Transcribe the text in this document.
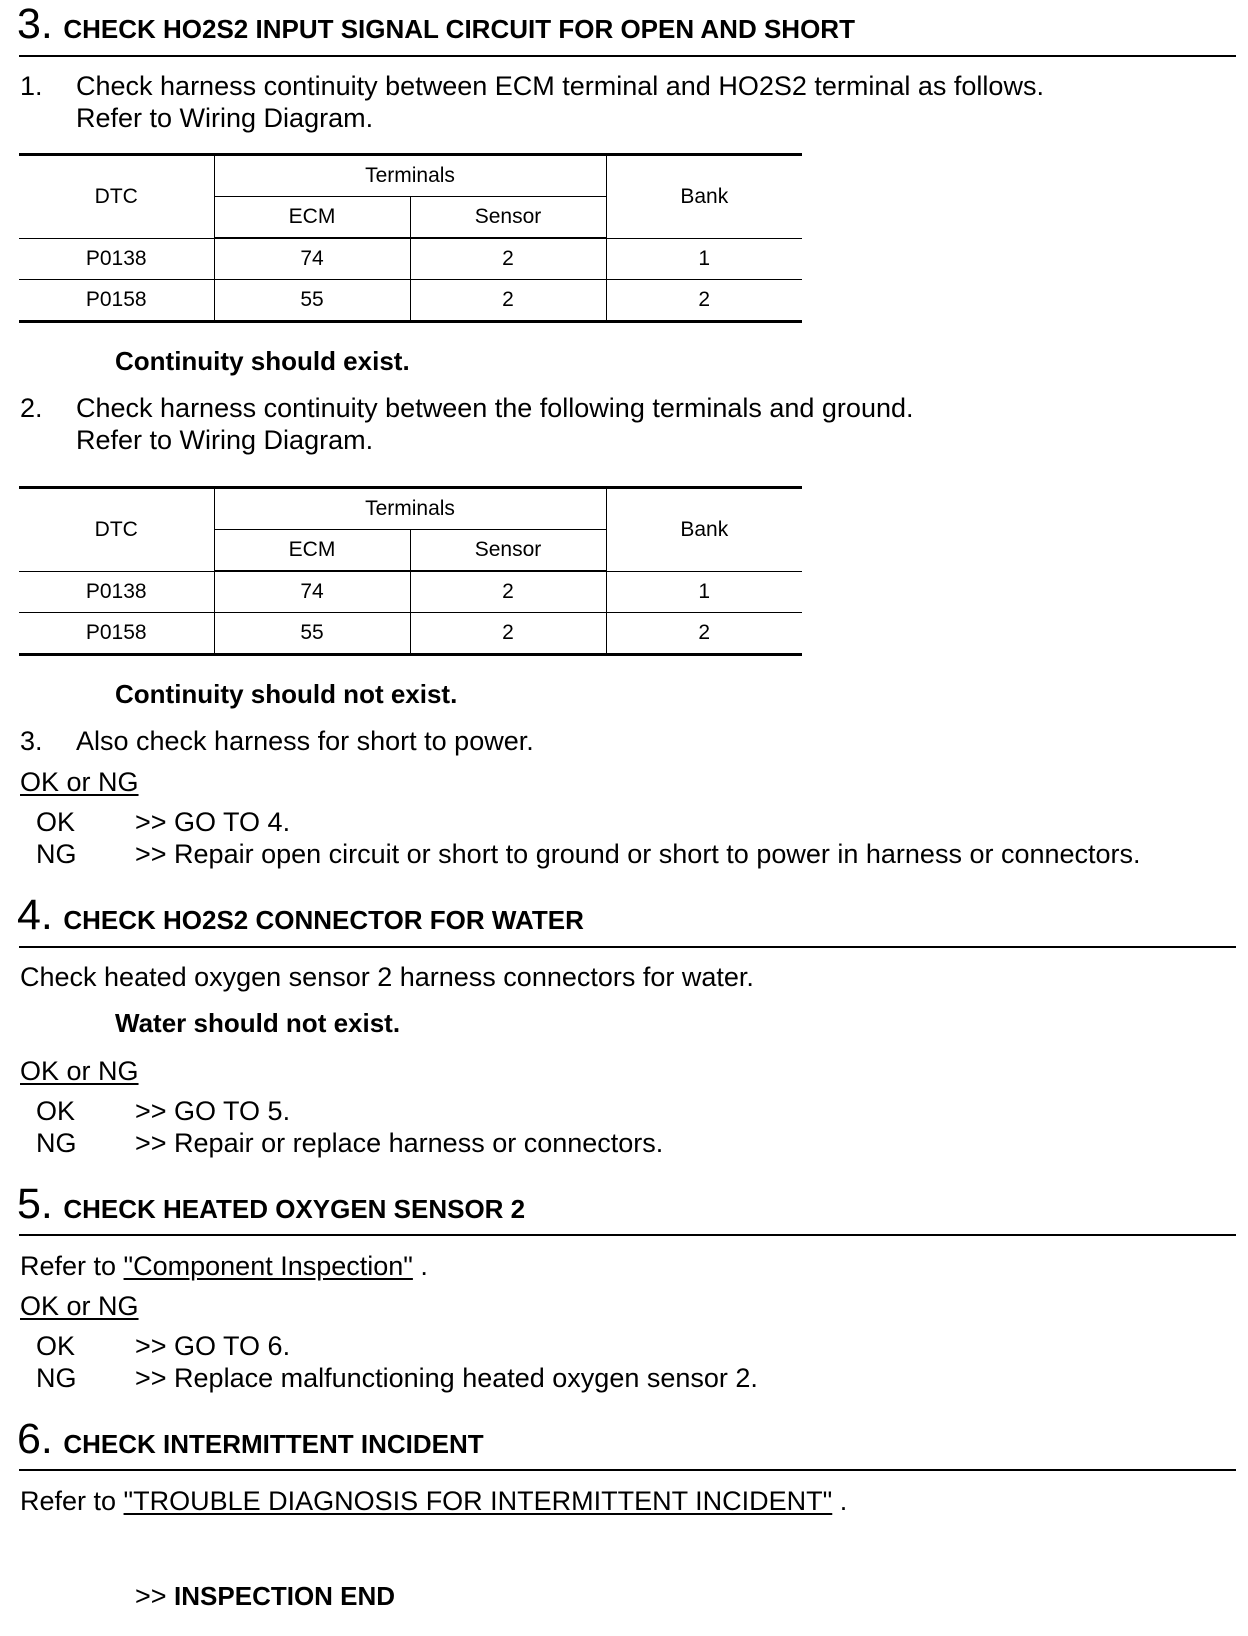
3. CHECK HO2S2 INPUT SIGNAL CIRCUIT FOR OPEN AND SHORT
1. Check harness continuity between ECM terminal and HO2S2 terminal as follows.
Refer to Wiring Diagram.
DTC	Terminals		Bank
	ECM	Sensor	
P0138	74	2	1
P0158	55	2	2
Continuity should exist.
2. Check harness continuity between the following terminals and ground.
Refer to Wiring Diagram.
DTC	Terminals		Bank
	ECM	Sensor	
P0138	74	2	1
P0158	55	2	2
Continuity should not exist.
3. Also check harness for short to power.
OK or NG
OK >> GO TO 4.
NG >> Repair open circuit or short to ground or short to power in harness or connectors.
4. CHECK HO2S2 CONNECTOR FOR WATER
Check heated oxygen sensor 2 harness connectors for water.
Water should not exist.
OK or NG
OK >> GO TO 5.
NG >> Repair or replace harness or connectors.
5. CHECK HEATED OXYGEN SENSOR 2
Refer to "Component Inspection" .
OK or NG
OK >> GO TO 6.
NG >> Replace malfunctioning heated oxygen sensor 2.
6. CHECK INTERMITTENT INCIDENT
Refer to "TROUBLE DIAGNOSIS FOR INTERMITTENT INCIDENT" .
>> INSPECTION END
